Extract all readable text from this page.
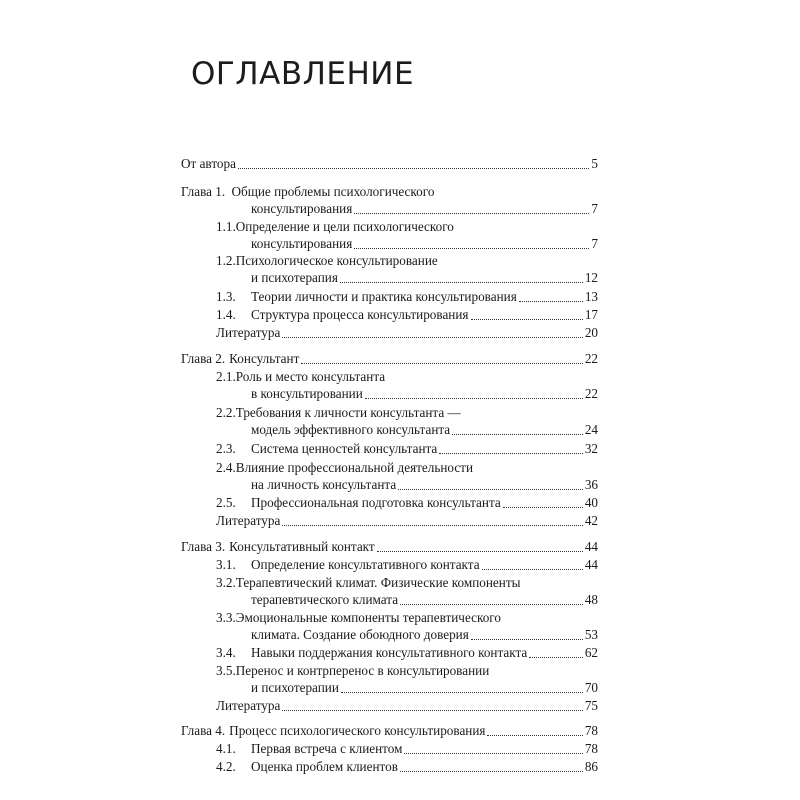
ОГЛАВЛЕНИЕ
От автора	5
Глава 1. Общие проблемы психологического
консультирования	7
1.1.Определение и цели психологического
консультирования	7
1.2.Психологическое консультирование
и психотерапия	12
1.3.	Теории личности и практика консультирования	13
1.4.	Структура процесса консультирования	17
Литература	20
Глава 2. Консультант	22
2.1.Роль и место консультанта
в консультировании	22
2.2.Требования к личности консультанта —
модель эффективного консультанта	24
2.3.	Система ценностей консультанта	32
2.4.Влияние профессиональной деятельности
на личность консультанта	36
2.5.	Профессиональная подготовка консультанта	40
Литература	42
Глава 3. Консультативный контакт	44
3.1.	Определение консультативного контакта	44
3.2.Терапевтический климат. Физические компоненты
терапевтического климата	48
3.3.Эмоциональные компоненты терапевтического
климата. Создание обоюдного доверия	53
3.4.	Навыки поддержания консультативного контакта	62
3.5.Перенос и контрперенос в консультировании
и психотерапии	70
Литература	75
Глава 4. Процесс психологического консультирования	78
4.1.	Первая встреча с клиентом	78
4.2.	Оценка проблем клиентов	86
